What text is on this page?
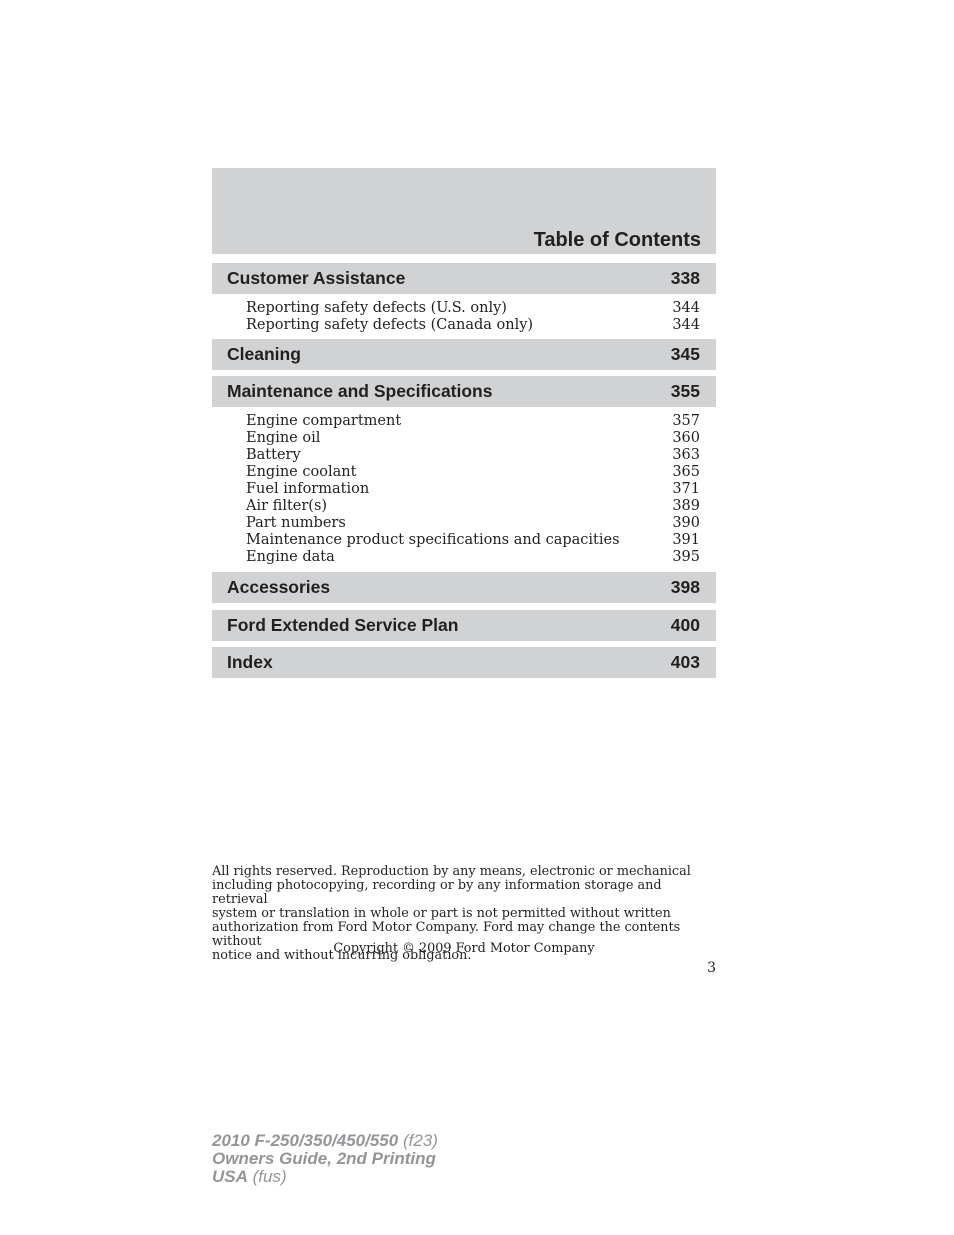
Table of Contents
Customer Assistance	338
Reporting safety defects (U.S. only)	344
Reporting safety defects (Canada only)	344
Cleaning	345
Maintenance and Specifications	355
Engine compartment	357
Engine oil	360
Battery	363
Engine coolant	365
Fuel information	371
Air filter(s)	389
Part numbers	390
Maintenance product specifications and capacities	391
Engine data	395
Accessories	398
Ford Extended Service Plan	400
Index	403
All rights reserved. Reproduction by any means, electronic or mechanical
including photocopying, recording or by any information storage and retrieval
system or translation in whole or part is not permitted without written
authorization from Ford Motor Company. Ford may change the contents without
notice and without incurring obligation.
Copyright © 2009 Ford Motor Company
3
2010 F-250/350/450/550 (f23)
Owners Guide, 2nd Printing
USA (fus)
